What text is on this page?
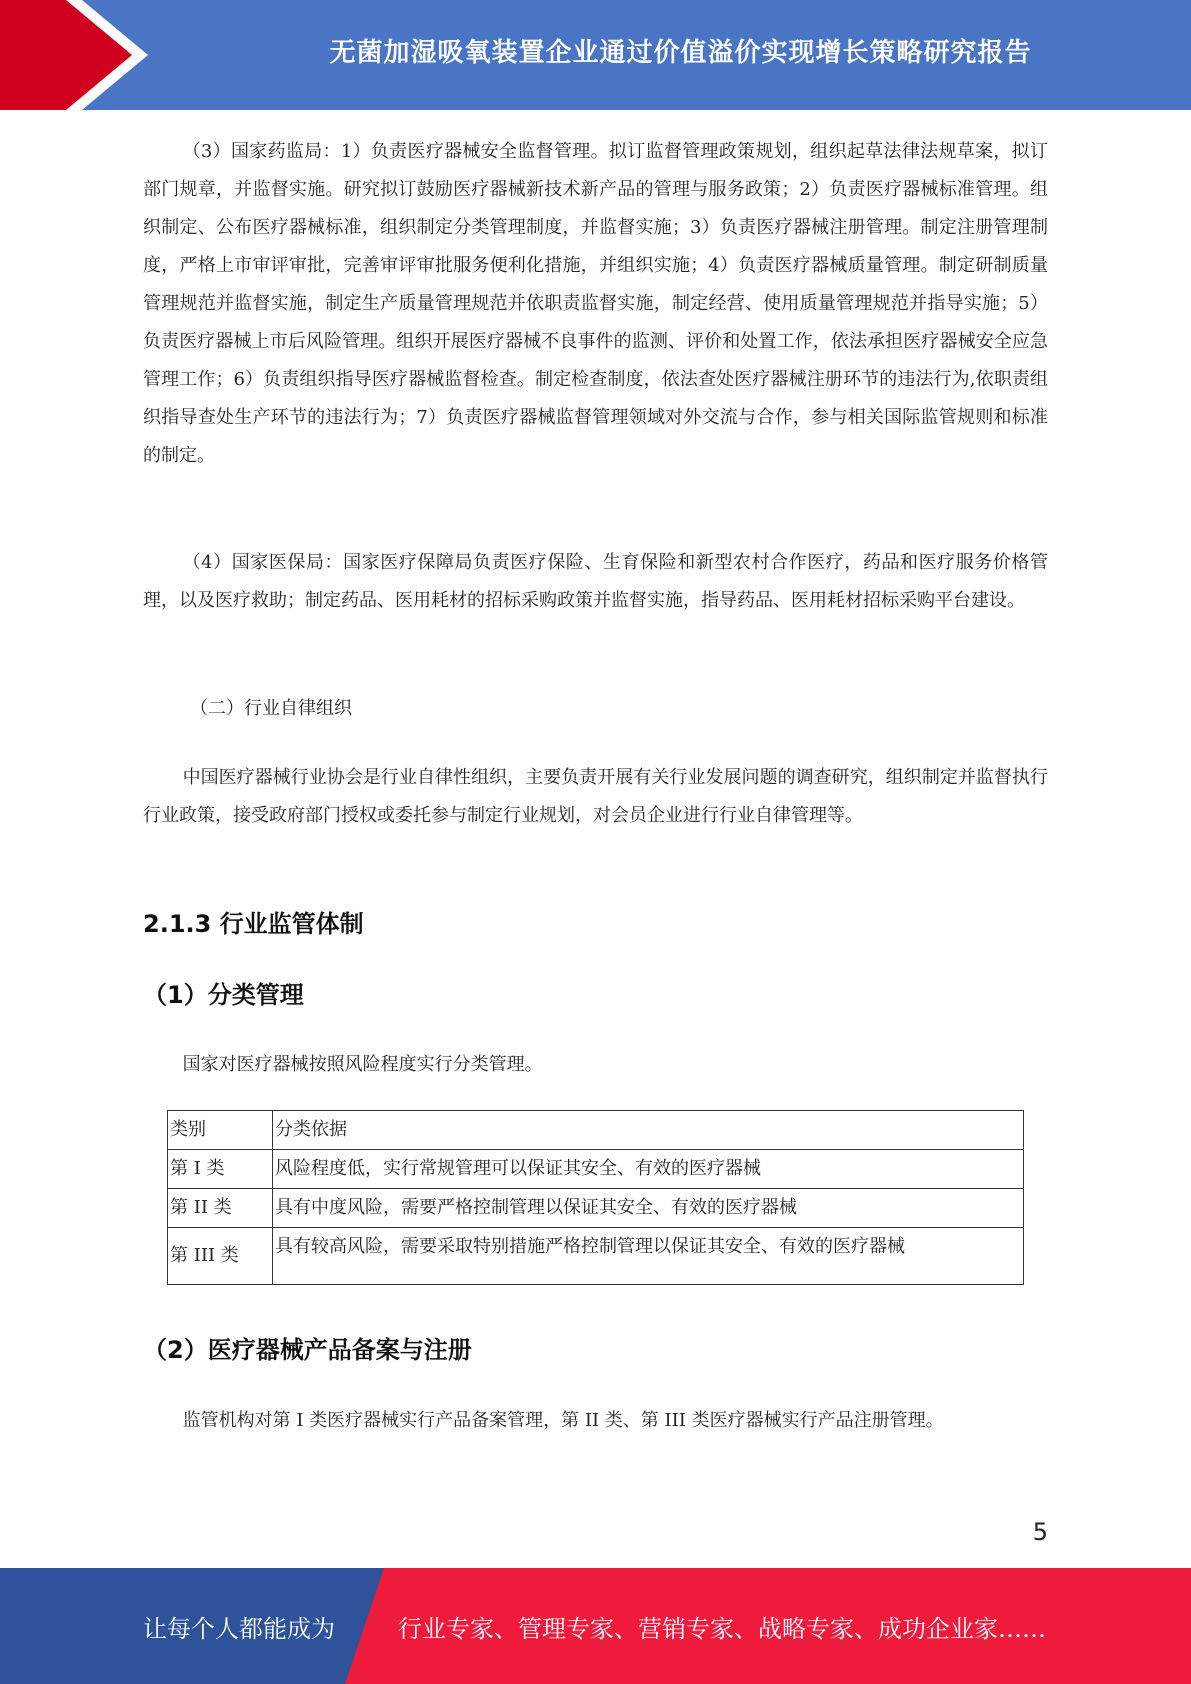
无菌加湿吸氧装置企业通过价值溢价实现增长策略研究报告

（3）国家药监局：1）负责医疗器械安全监督管理。拟订监督管理政策规划，组织起草法律法规草案，拟订部门规章，并监督实施。研究拟订鼓励医疗器械新技术新产品的管理与服务政策；2）负责医疗器械标准管理。组织制定、公布医疗器械标准，组织制定分类管理制度，并监督实施；3）负责医疗器械注册管理。制定注册管理制度，严格上市审评审批，完善审评审批服务便利化措施，并组织实施；4）负责医疗器械质量管理。制定研制质量管理规范并监督实施，制定生产质量管理规范并依职责监督实施，制定经营、使用质量管理规范并指导实施；5）负责医疗器械上市后风险管理。组织开展医疗器械不良事件的监测、评价和处置工作，依法承担医疗器械安全应急管理工作；6）负责组织指导医疗器械监督检查。制定检查制度，依法查处医疗器械注册环节的违法行为,依职责组织指导查处生产环节的违法行为；7）负责医疗器械监督管理领域对外交流与合作，参与相关国际监管规则和标准的制定。

（4）国家医保局：国家医疗保障局负责医疗保险、生育保险和新型农村合作医疗，药品和医疗服务价格管理，以及医疗救助；制定药品、医用耗材的招标采购政策并监督实施，指导药品、医用耗材招标采购平台建设。

（二）行业自律组织

中国医疗器械行业协会是行业自律性组织，主要负责开展有关行业发展问题的调查研究，组织制定并监督执行行业政策，接受政府部门授权或委托参与制定行业规划，对会员企业进行行业自律管理等。

2.1.3 行业监管体制
（1）分类管理

国家对医疗器械按照风险程度实行分类管理。

类别	分类依据
第 I 类	风险程度低，实行常规管理可以保证其安全、有效的医疗器械
第 II 类	具有中度风险，需要严格控制管理以保证其安全、有效的医疗器械
第 III 类	具有较高风险，需要采取特别措施严格控制管理以保证其安全、有效的医疗器械
（2）医疗器械产品备案与注册

监管机构对第 I 类医疗器械实行产品备案管理，第 II 类、第 III 类医疗器械实行产品注册管理。

5
让每个人都能成为	行业专家、管理专家、营销专家、战略专家、成功企业家……
